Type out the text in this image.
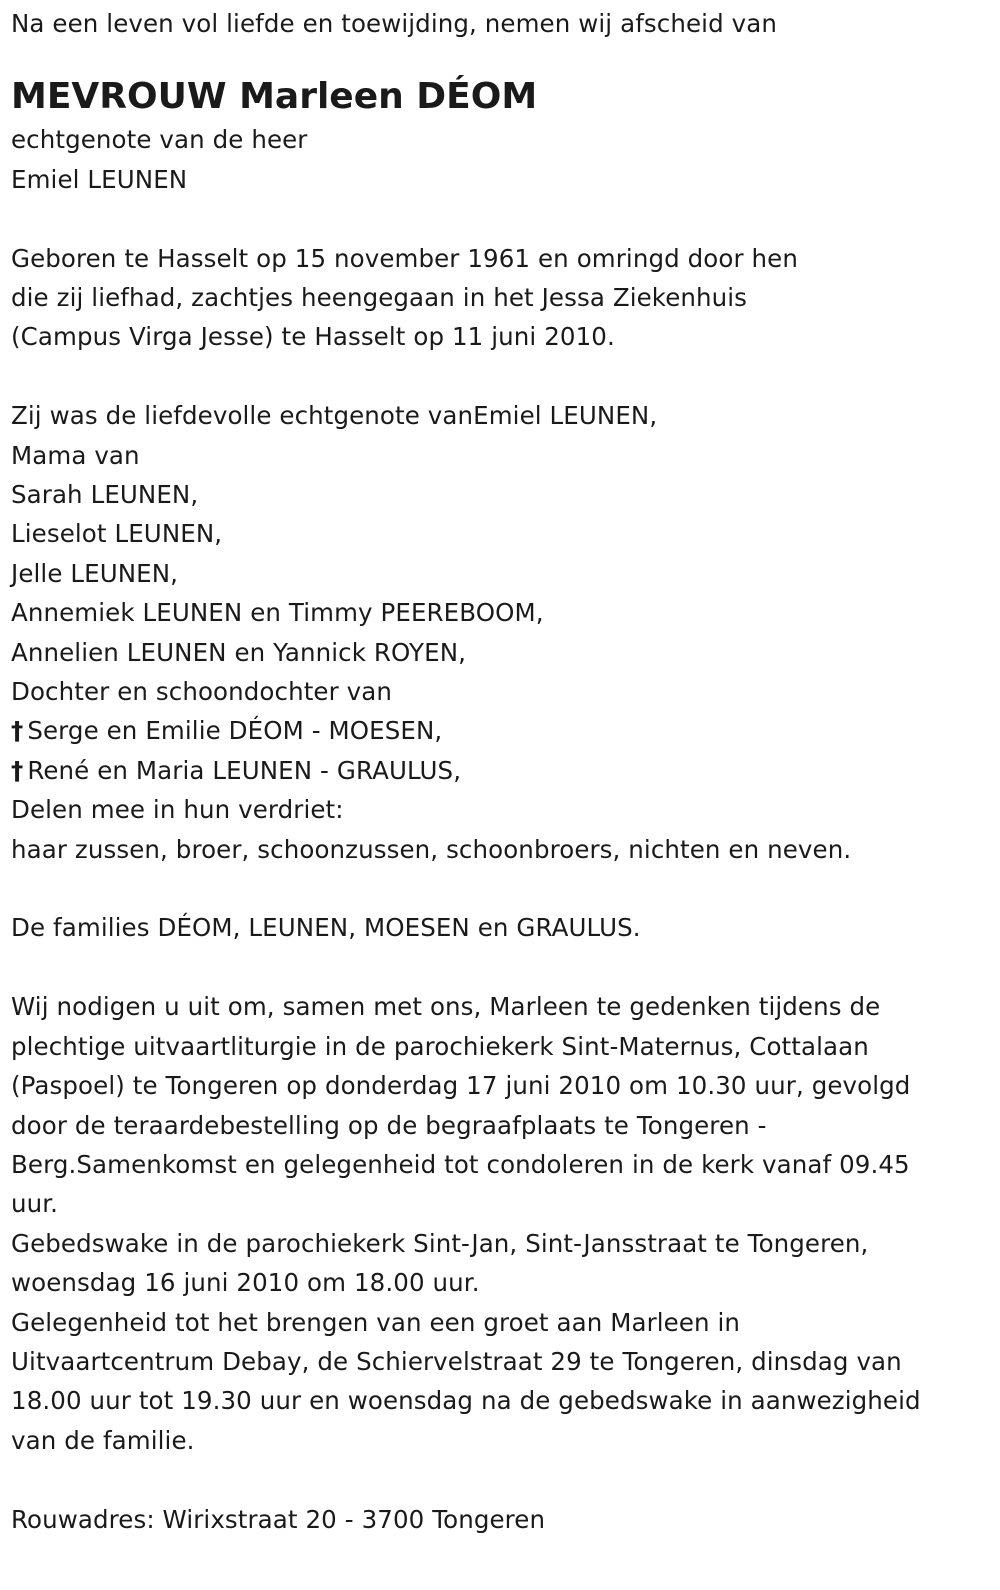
Na een leven vol liefde en toewijding, nemen wij afscheid van
MEVROUW Marleen DÉOM
echtgenote van de heer
Emiel LEUNEN
Geboren te Hasselt op 15 november 1961 en omringd door hen
die zij liefhad, zachtjes heengegaan in het Jessa Ziekenhuis
(Campus Virga Jesse) te Hasselt op 11 juni 2010.
Zij was de liefdevolle echtgenote vanEmiel LEUNEN,
Mama van
Sarah LEUNEN,
Lieselot LEUNEN,
Jelle LEUNEN,
Annemiek LEUNEN en Timmy PEEREBOOM,
Annelien LEUNEN en Yannick ROYEN,
Dochter en schoondochter van
† Serge en Emilie DÉOM - MOESEN,
† René en Maria LEUNEN - GRAULUS,
Delen mee in hun verdriet:
haar zussen, broer, schoonzussen, schoonbroers, nichten en neven.
De families DÉOM, LEUNEN, MOESEN en GRAULUS.
Wij nodigen u uit om, samen met ons, Marleen te gedenken tijdens de
plechtige uitvaartliturgie in de parochiekerk Sint-Maternus, Cottalaan
(Paspoel) te Tongeren op donderdag 17 juni 2010 om 10.30 uur, gevolgd
door de teraardebestelling op de begraafplaats te Tongeren -
Berg.Samenkomst en gelegenheid tot condoleren in de kerk vanaf 09.45
uur.
Gebedswake in de parochiekerk Sint-Jan, Sint-Jansstraat te Tongeren,
woensdag 16 juni 2010 om 18.00 uur.
Gelegenheid tot het brengen van een groet aan Marleen in
Uitvaartcentrum Debay, de Schiervelstraat 29 te Tongeren, dinsdag van
18.00 uur tot 19.30 uur en woensdag na de gebedswake in aanwezigheid
van de familie.
Rouwadres: Wirixstraat 20 - 3700 Tongeren
